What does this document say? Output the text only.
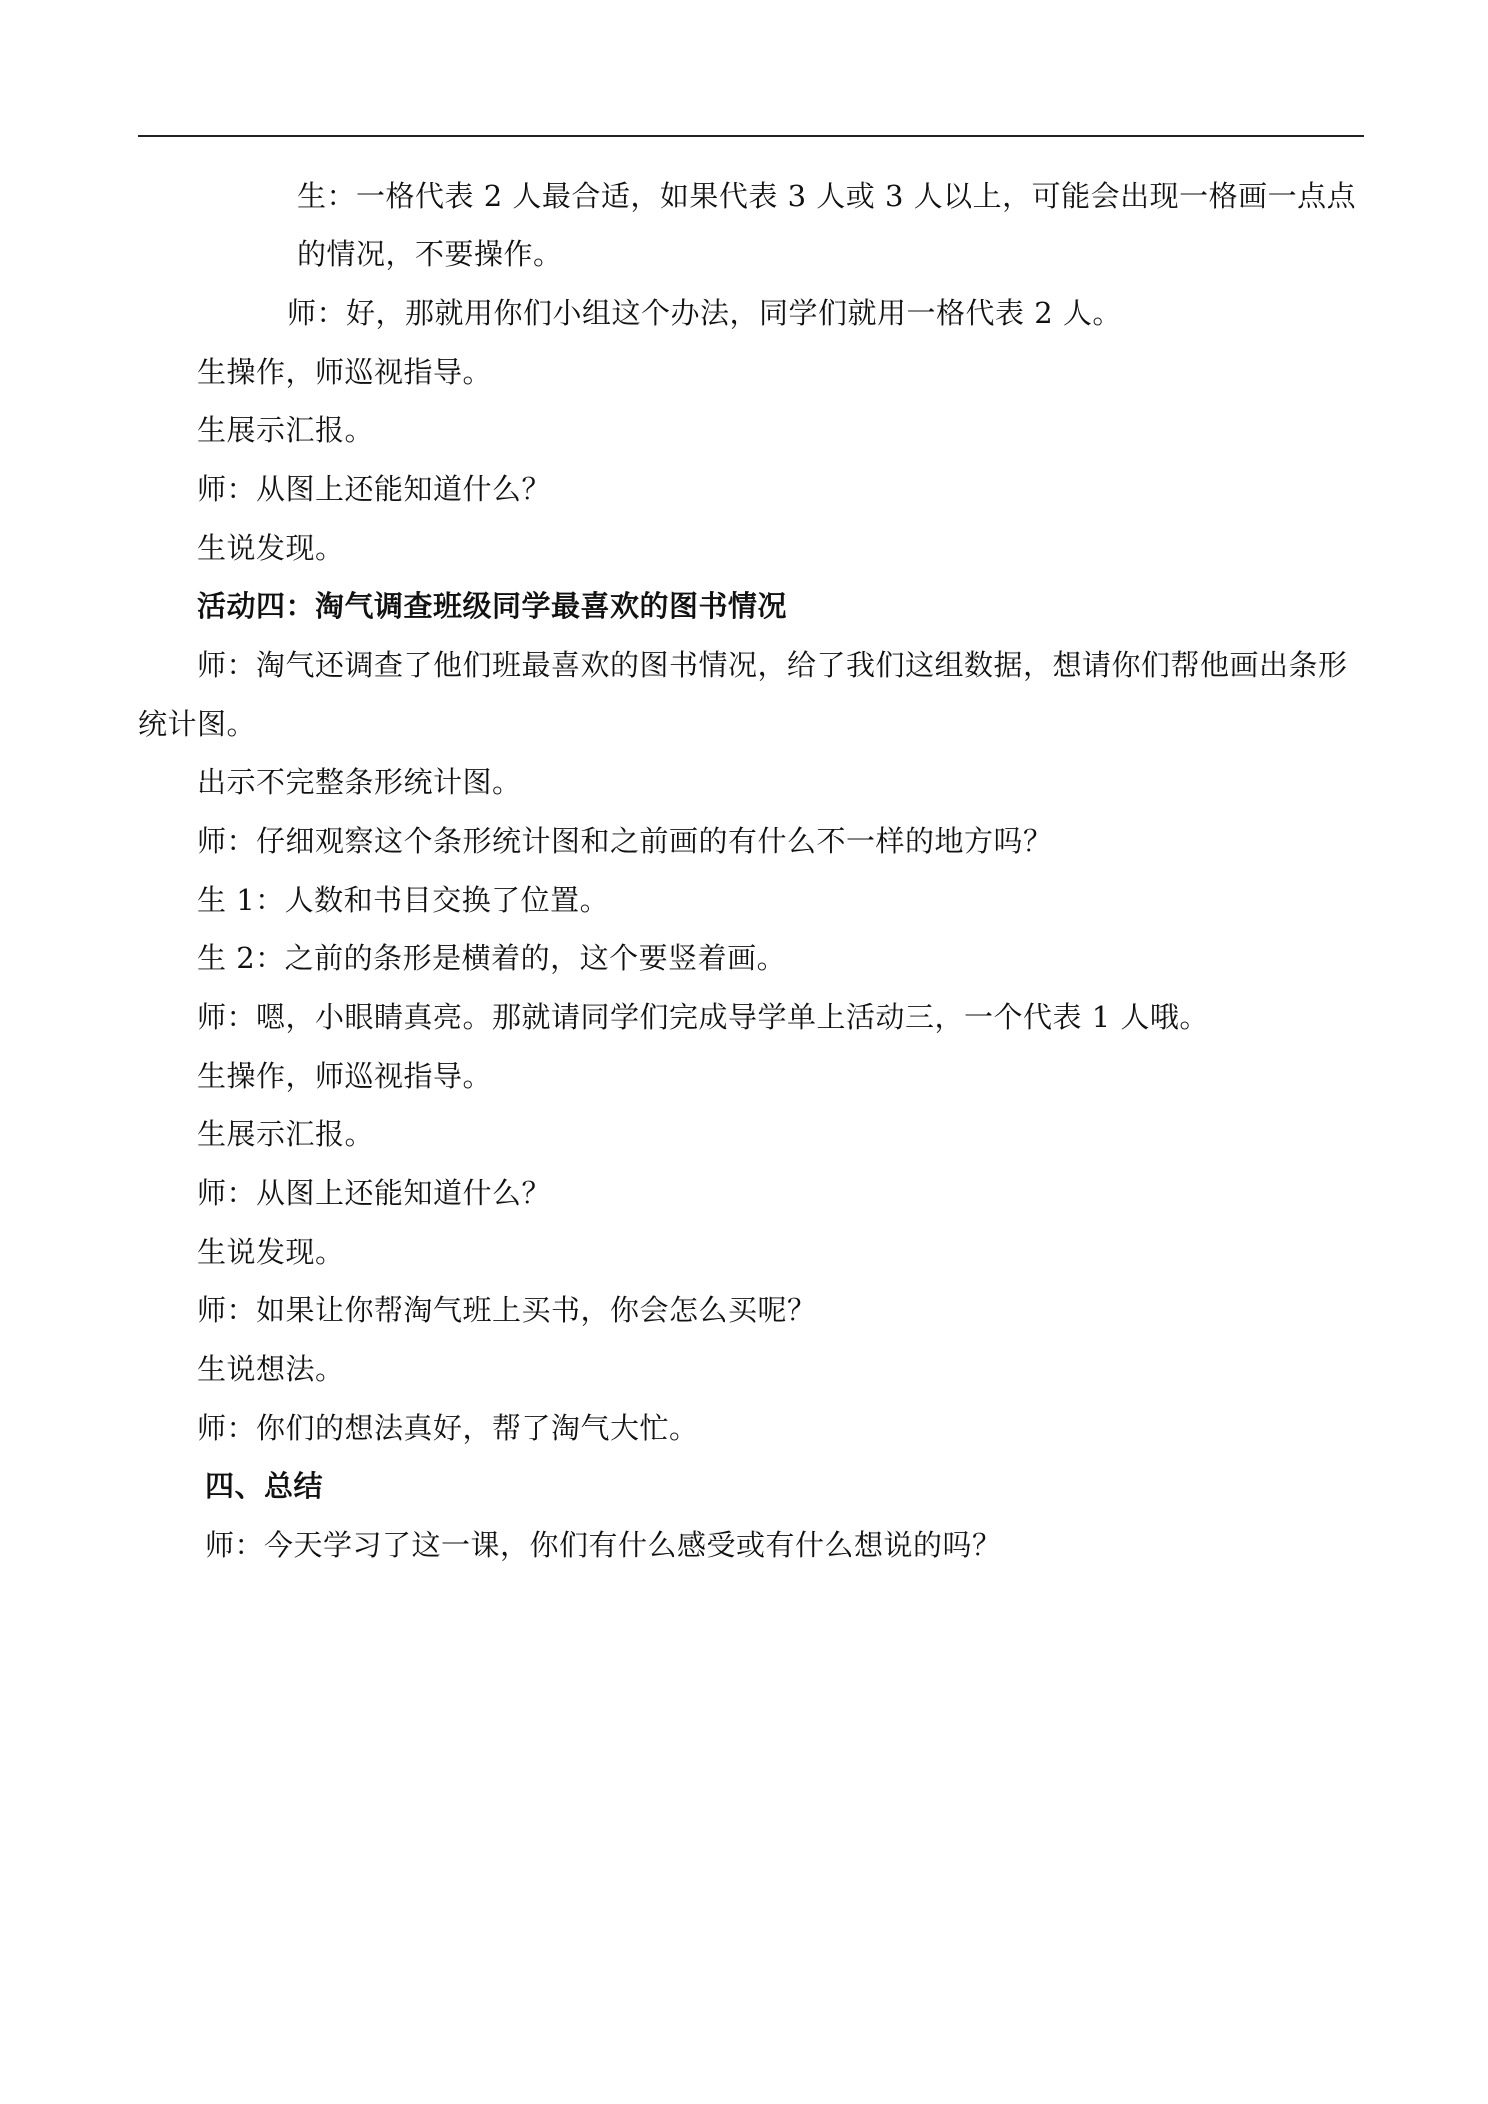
生：一格代表 2 人最合适，如果代表 3 人或 3 人以上，可能会出现一格画一点点
的情况，不要操作。
师：好，那就用你们小组这个办法，同学们就用一格代表 2 人。
生操作，师巡视指导。
生展示汇报。
师：从图上还能知道什么？
生说发现。
活动四：淘气调查班级同学最喜欢的图书情况
师：淘气还调查了他们班最喜欢的图书情况，给了我们这组数据，想请你们帮他画出条形
统计图。
出示不完整条形统计图。
师：仔细观察这个条形统计图和之前画的有什么不一样的地方吗？
生 1：人数和书目交换了位置。
生 2：之前的条形是横着的，这个要竖着画。
师：嗯，小眼睛真亮。那就请同学们完成导学单上活动三，一个代表 1 人哦。
生操作，师巡视指导。
生展示汇报。
师：从图上还能知道什么？
生说发现。
师：如果让你帮淘气班上买书，你会怎么买呢？
生说想法。
师：你们的想法真好，帮了淘气大忙。
四、总结
师：今天学习了这一课，你们有什么感受或有什么想说的吗？
